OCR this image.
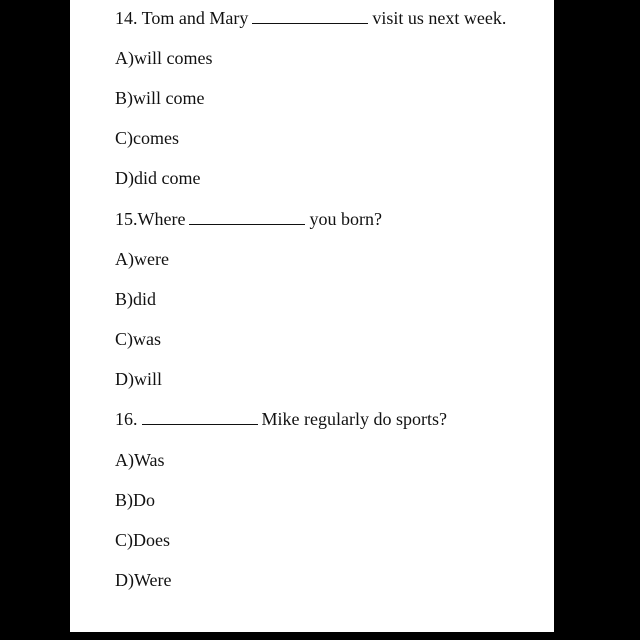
14. Tom and Mary	visit us next week.
A)will comes
B)will come
C)comes
D)did come
15.Where	you born?
A)were
B)did
C)was
D)will
16.	Mike regularly do sports?
A)Was
B)Do
C)Does
D)Were
